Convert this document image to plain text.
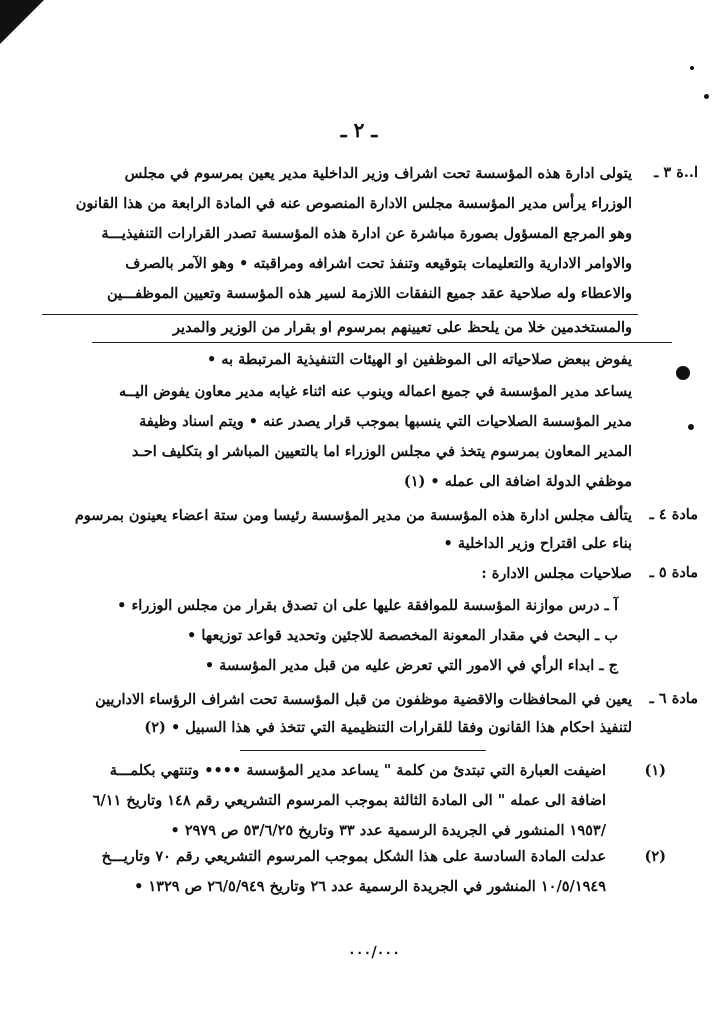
ـ ٢ ـ
ا..ة ٣ ـ
يتولى ادارة هذه المؤسسة تحت اشراف وزير الداخلية مدير يعين بمرسوم في مجلس
الوزراء يرأس مدير المؤسسة مجلس الادارة المنصوص عنه في المادة الرابعة من هذا القانون
وهو المرجع المسؤول بصورة مباشرة عن ادارة هذه المؤسسة تصدر القرارات التنفيذيـــة
والاوامر الادارية والتعليمات بتوقيعه وتنفذ تحت اشرافه ومراقبته • وهو الآمر بالصرف
والاعطاء وله صلاحية عقد جميع النفقات اللازمة لسير هذه المؤسسة وتعيين الموظفـــين
والمستخدمين خلا من يلحظ على تعيينهم بمرسوم او بقرار من الوزير والمدير
يفوض ببعض صلاحياته الى الموظفين او الهيئات التنفيذية المرتبطة به •
يساعد مدير المؤسسة في جميع اعماله وينوب عنه اثناء غيابه مدير معاون يفوض اليــه
مدير المؤسسة الصلاحيات التي ينسبها بموجب قرار يصدر عنه • ويتم اسناد وظيفة
المدير المعاون بمرسوم يتخذ في مجلس الوزراء اما بالتعيين المباشر او بتكليف احـد
موظفي الدولة اضافة الى عمله • (١)
مادة ٤ ـ
يتألف مجلس ادارة هذه المؤسسة من مدير المؤسسة رئيسا ومن ستة اعضاء يعينون بمرسوم
بناء على اقتراح وزير الداخلية •
مادة ٥ ـ
صلاحيات مجلس الادارة :
آ ـ درس موازنة المؤسسة للموافقة عليها على ان تصدق بقرار من مجلس الوزراء •
ب ـ البحث في مقدار المعونة المخصصة للاجئين وتحديد قواعد توزيعها •
ج ـ ابداء الرأي في الامور التي تعرض عليه من قبل مدير المؤسسة •
مادة ٦ ـ
يعين في المحافظات والاقضية موظفون من قبل المؤسسة تحت اشراف الرؤساء الاداريين
لتنفيذ احكام هذا القانون وفقا للقرارات التنظيمية التي تتخذ في هذا السبيل • (٢)
(١)
اضيفت العبارة التي تبتدئ من كلمة " يساعد مدير المؤسسة •••• وتنتهي بكلمـــة
اضافة الى عمله " الى المادة الثالثة بموجب المرسوم التشريعي رقم ١٤٨ وتاريخ ٦/١١
/١٩٥٣ المنشور في الجريدة الرسمية عدد ٣٣ وتاريخ ٥٣/٦/٢٥ ص ٢٩٧٩ •
(٢)
عدلت المادة السادسة على هذا الشكل بموجب المرسوم التشريعي رقم ٧٠ وتاريـــخ
١٠/٥/١٩٤٩ المنشور في الجريدة الرسمية عدد ٢٦ وتاريخ ٢٦/٥/٩٤٩ ص ١٣٢٩ •
٠٠٠/٠٠٠
